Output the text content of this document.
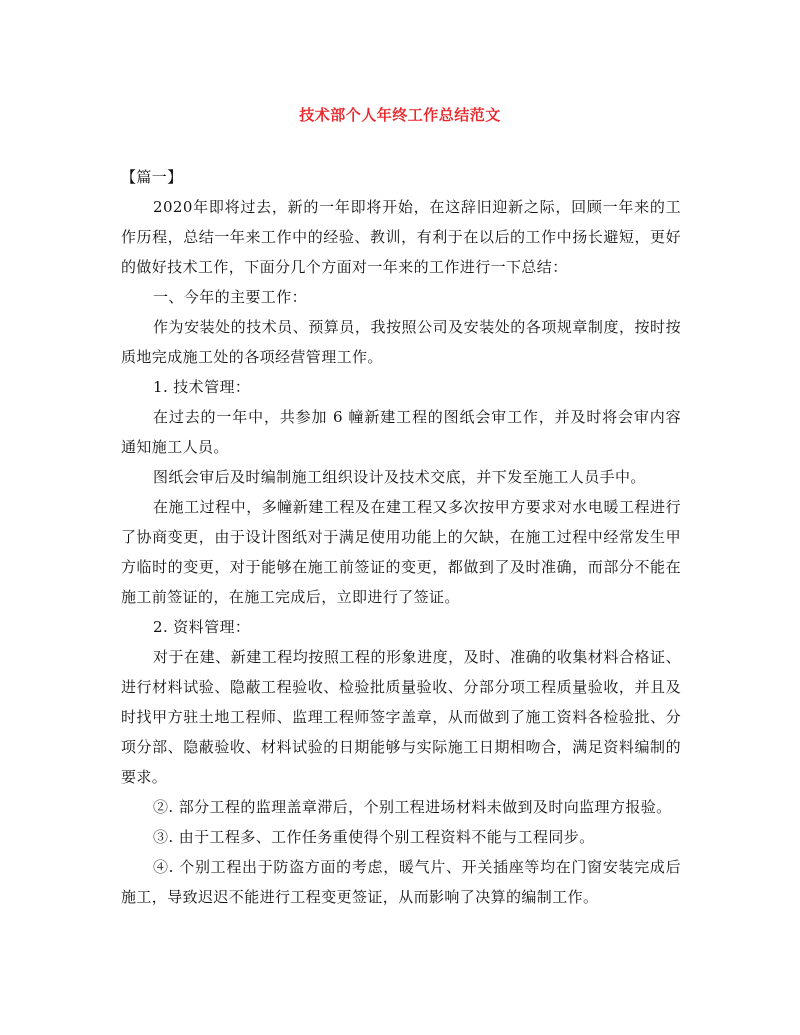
技术部个人年终工作总结范文

【篇一】

2020年即将过去，新的一年即将开始，在这辞旧迎新之际，回顾一年来的工作历程，总结一年来工作中的经验、教训，有利于在以后的工作中扬长避短，更好的做好技术工作，下面分几个方面对一年来的工作进行一下总结：

一、今年的主要工作：

作为安装处的技术员、预算员，我按照公司及安装处的各项规章制度，按时按质地完成施工处的各项经营管理工作。

1. 技术管理：

在过去的一年中，共参加 6 幢新建工程的图纸会审工作，并及时将会审内容通知施工人员。

图纸会审后及时编制施工组织设计及技术交底，并下发至施工人员手中。

在施工过程中，多幢新建工程及在建工程又多次按甲方要求对水电暖工程进行了协商变更，由于设计图纸对于满足使用功能上的欠缺，在施工过程中经常发生甲方临时的变更，对于能够在施工前签证的变更，都做到了及时准确，而部分不能在施工前签证的，在施工完成后，立即进行了签证。

2. 资料管理：

对于在建、新建工程均按照工程的形象进度，及时、准确的收集材料合格证、进行材料试验、隐蔽工程验收、检验批质量验收、分部分项工程质量验收，并且及时找甲方驻土地工程师、监理工程师签字盖章，从而做到了施工资料各检验批、分项分部、隐蔽验收、材料试验的日期能够与实际施工日期相吻合，满足资料编制的要求。

②. 部分工程的监理盖章滞后，个别工程进场材料未做到及时向监理方报验。

③. 由于工程多、工作任务重使得个别工程资料不能与工程同步。

④. 个别工程出于防盗方面的考虑，暖气片、开关插座等均在门窗安装完成后施工，导致迟迟不能进行工程变更签证，从而影响了决算的编制工作。
